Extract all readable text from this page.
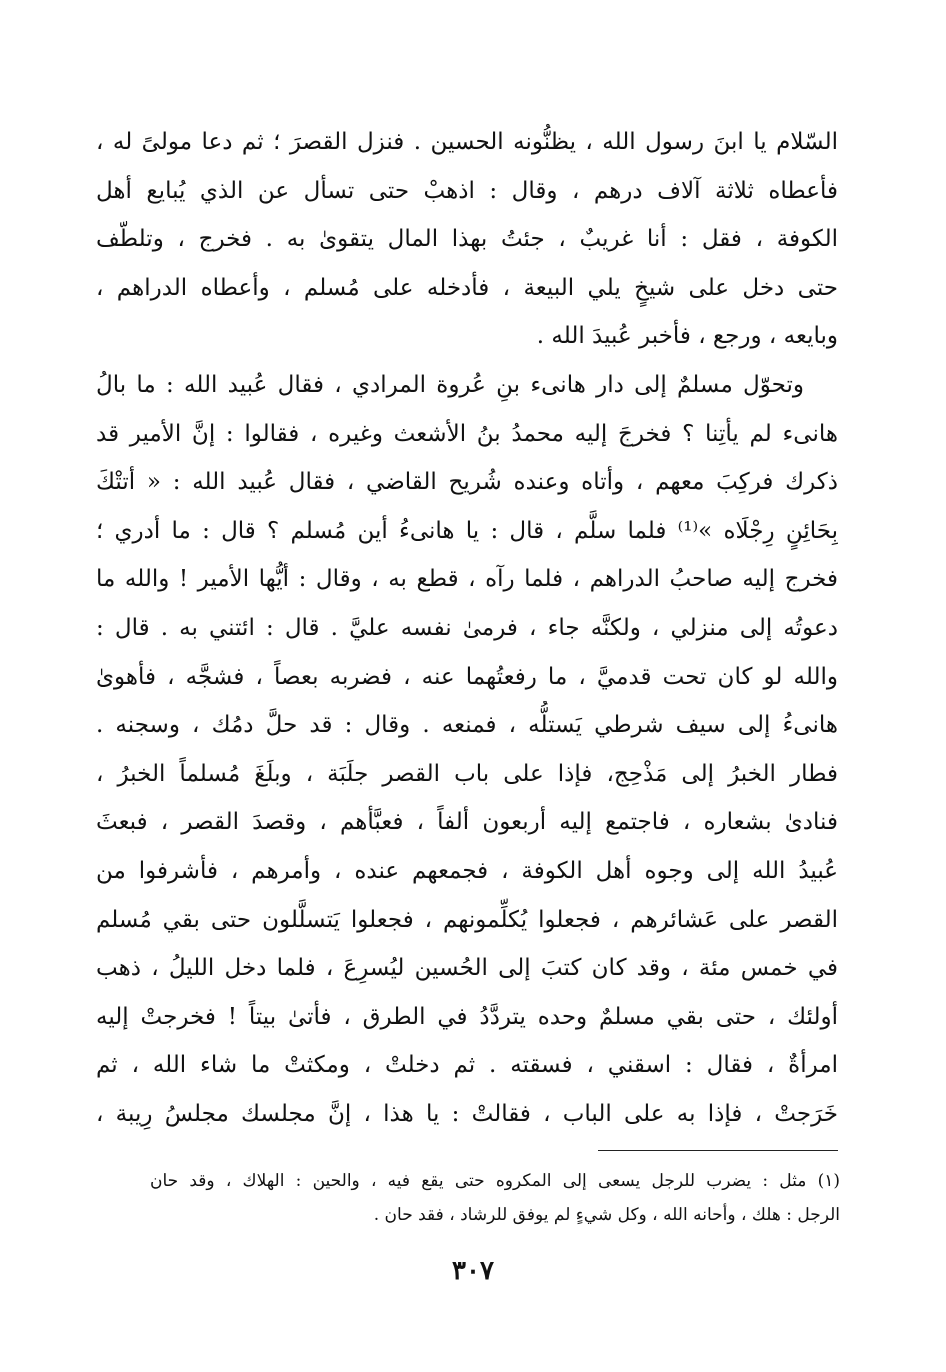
السّلام يا ابنَ رسول الله ، يظنُّونه الحسين . فنزل القصرَ ؛ ثم دعا مولىً له ،
فأعطاه ثلاثة آلاف درهم ، وقال : اذهبْ حتى تسأل عن الذي يُبايع أهل
الكوفة ، فقل : أنا غريبٌ ، جئتُ بهذا المال يتقوىٰ به . فخرج ، وتلطّف
حتى دخل على شيخٍ يلي البيعة ، فأدخله على مُسلم ، وأعطاه الدراهم ،
وبايعه ، ورجع ، فأخبر عُبيدَ الله .
وتحوّل مسلمٌ إلى دار هانىء بنِ عُروة المرادي ، فقال عُبيد الله : ما بالُ
هانىء لم يأتِنا ؟ فخرجَ إليه محمدُ بنُ الأشعث وغيره ، فقالوا : إنَّ الأمير قد
ذكرك فركِبَ معهم ، وأتاه وعنده شُريح القاضي ، فقال عُبيد الله : « أتتْكَ
بِحَائِنٍ رِجْلَاه »⁽¹⁾ فلما سلَّم ، قال : يا هانىءُ أين مُسلم ؟ قال : ما أدري ؛
فخرج إليه صاحبُ الدراهم ، فلما رآه ، قطع به ، وقال : أيُّها الأمير ! والله ما
دعوتُه إلى منزلي ، ولكنَّه جاء ، فرمىٰ نفسه عليَّ . قال : ائتني به . قال :
والله لو كان تحت قدميَّ ، ما رفعتُهما عنه ، فضربه بعصاً ، فشجَّه ، فأهوىٰ
هانىءُ إلى سيف شرطي يَستلُّه ، فمنعه . وقال : قد حلَّ دمُك ، وسجنه .
فطار الخبرُ إلى مَذْحِج، فإذا على باب القصر جلَبَة ، وبلَغَ مُسلماً الخبرُ ،
فنادىٰ بشعاره ، فاجتمع إليه أربعون ألفاً ، فعبَّأهم ، وقصدَ القصر ، فبعثَ
عُبيدُ الله إلى وجوه أهل الكوفة ، فجمعهم عنده ، وأمرهم ، فأشرفوا من
القصر على عَشائرهم ، فجعلوا يُكلِّمونهم ، فجعلوا يَتسلَّلون حتى بقي مُسلم
في خمس مئة ، وقد كان كتبَ إلى الحُسين ليُسرِعَ ، فلما دخل الليلُ ، ذهب
أولئك ، حتى بقي مسلمٌ وحده يتردَّدُ في الطرق ، فأتىٰ بيتاً ! فخرجتْ إليه
امرأةٌ ، فقال : اسقني ، فسقته . ثم دخلتْ ، ومكثتْ ما شاء الله ، ثم
خَرَجتْ ، فإذا به على الباب ، فقالتْ : يا هذا ، إنَّ مجلسك مجلسُ رِيبة ،
(١) مثل : يضرب للرجل يسعى إلى المكروه حتى يقع فيه ، والحين : الهلاك ، وقد حان
الرجل : هلك ، وأحانه الله ، وكل شيءٍ لم يوفق للرشاد ، فقد حان .
٣٠٧
